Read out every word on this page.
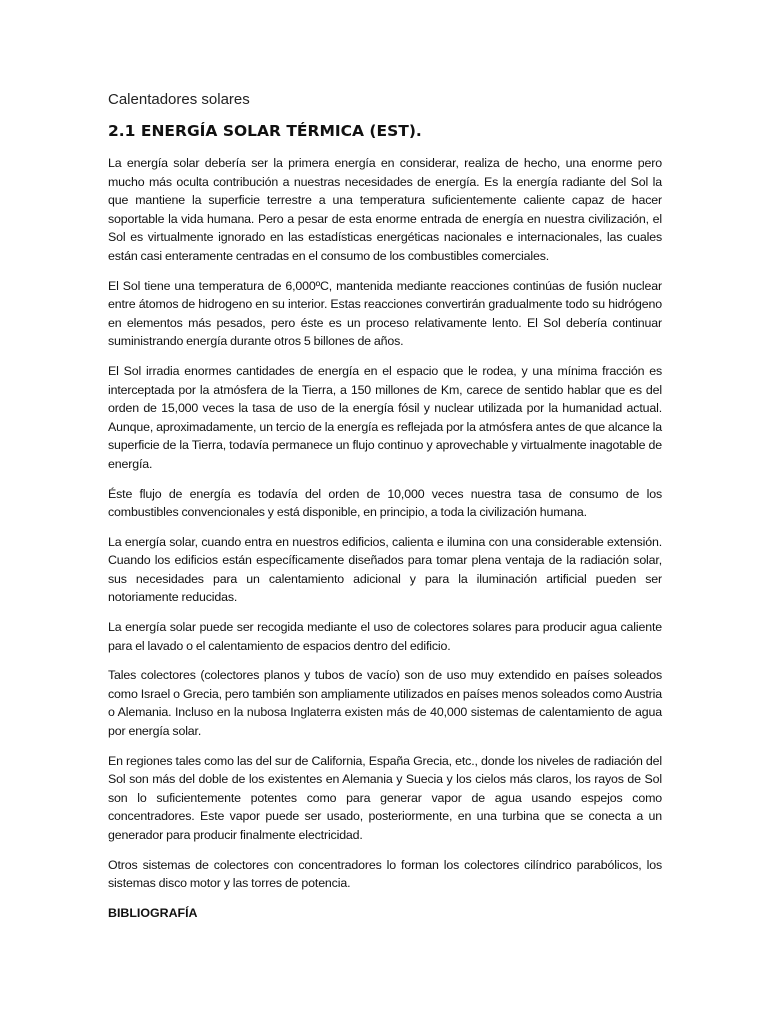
Calentadores solares
2.1 ENERGÍA SOLAR TÉRMICA (EST).

La energía solar debería ser la primera energía en considerar, realiza de hecho, una enorme pero mucho más oculta contribución a nuestras necesidades de energía. Es la energía radiante del Sol la que mantiene la superficie terrestre a una temperatura suficientemente caliente capaz de hacer soportable la vida humana. Pero a pesar de esta enorme entrada de energía en nuestra civilización, el Sol es virtualmente ignorado en las estadísticas energéticas nacionales e internacionales, las cuales están casi enteramente centradas en el consumo de los combustibles comerciales.

El Sol tiene una temperatura de 6,000ºC, mantenida mediante reacciones continúas de fusión nuclear entre átomos de hidrogeno en su interior. Estas reacciones convertirán gradualmente todo su hidrógeno en elementos más pesados, pero éste es un proceso relativamente lento. El Sol debería continuar suministrando energía durante otros 5 billones de años.

El Sol irradia enormes cantidades de energía en el espacio que le rodea, y una mínima fracción es interceptada por la atmósfera de la Tierra, a 150 millones de Km, carece de sentido hablar que es del orden de 15,000 veces la tasa de uso de la energía fósil y nuclear utilizada por la humanidad actual. Aunque, aproximadamente, un tercio de la energía es reflejada por la atmósfera antes de que alcance la superficie de la Tierra, todavía permanece un flujo continuo y aprovechable y virtualmente inagotable de energía.

Éste flujo de energía es todavía del orden de 10,000 veces nuestra tasa de consumo de los combustibles convencionales y está disponible, en principio, a toda la civilización humana.

La energía solar, cuando entra en nuestros edificios, calienta e ilumina con una considerable extensión. Cuando los edificios están específicamente diseñados para tomar plena ventaja de la radiación solar, sus necesidades para un calentamiento adicional y para la iluminación artificial pueden ser notoriamente reducidas.

La energía solar puede ser recogida mediante el uso de colectores solares para producir agua caliente para el lavado o el calentamiento de espacios dentro del edificio.

Tales colectores (colectores planos y tubos de vacío) son de uso muy extendido en países soleados como Israel o Grecia, pero también son ampliamente utilizados en países menos soleados como Austria o Alemania. Incluso en la nubosa Inglaterra existen más de 40,000 sistemas de calentamiento de agua por energía solar.

En regiones tales como las del sur de California, España Grecia, etc., donde los niveles de radiación del Sol son más del doble de los existentes en Alemania y Suecia y los cielos más claros, los rayos de Sol son lo suficientemente potentes como para generar vapor de agua usando espejos como concentradores. Este vapor puede ser usado, posteriormente, en una turbina que se conecta a un generador para producir finalmente electricidad.

Otros sistemas de colectores con concentradores lo forman los colectores cilíndrico parabólicos, los sistemas disco motor y las torres de potencia.

BIBLIOGRAFÍA
